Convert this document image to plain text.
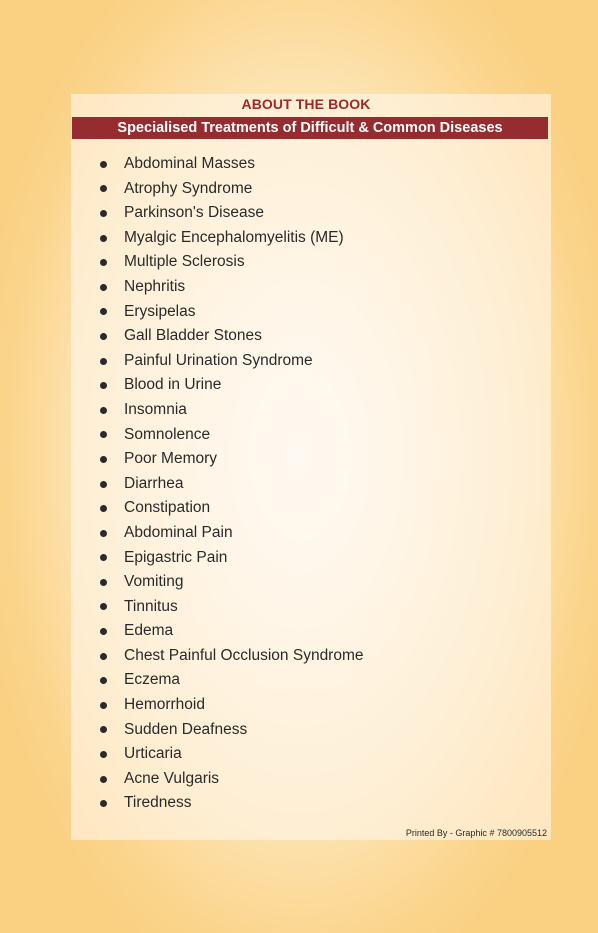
ABOUT THE BOOK
Specialised Treatments of Difficult & Common Diseases
Abdominal Masses
Atrophy Syndrome
Parkinson's Disease
Myalgic Encephalomyelitis (ME)
Multiple Sclerosis
Nephritis
Erysipelas
Gall Bladder Stones
Painful Urination Syndrome
Blood in Urine
Insomnia
Somnolence
Poor Memory
Diarrhea
Constipation
Abdominal Pain
Epigastric Pain
Vomiting
Tinnitus
Edema
Chest Painful Occlusion Syndrome
Eczema
Hemorrhoid
Sudden Deafness
Urticaria
Acne Vulgaris
Tiredness
Printed By - Graphic # 7800905512
